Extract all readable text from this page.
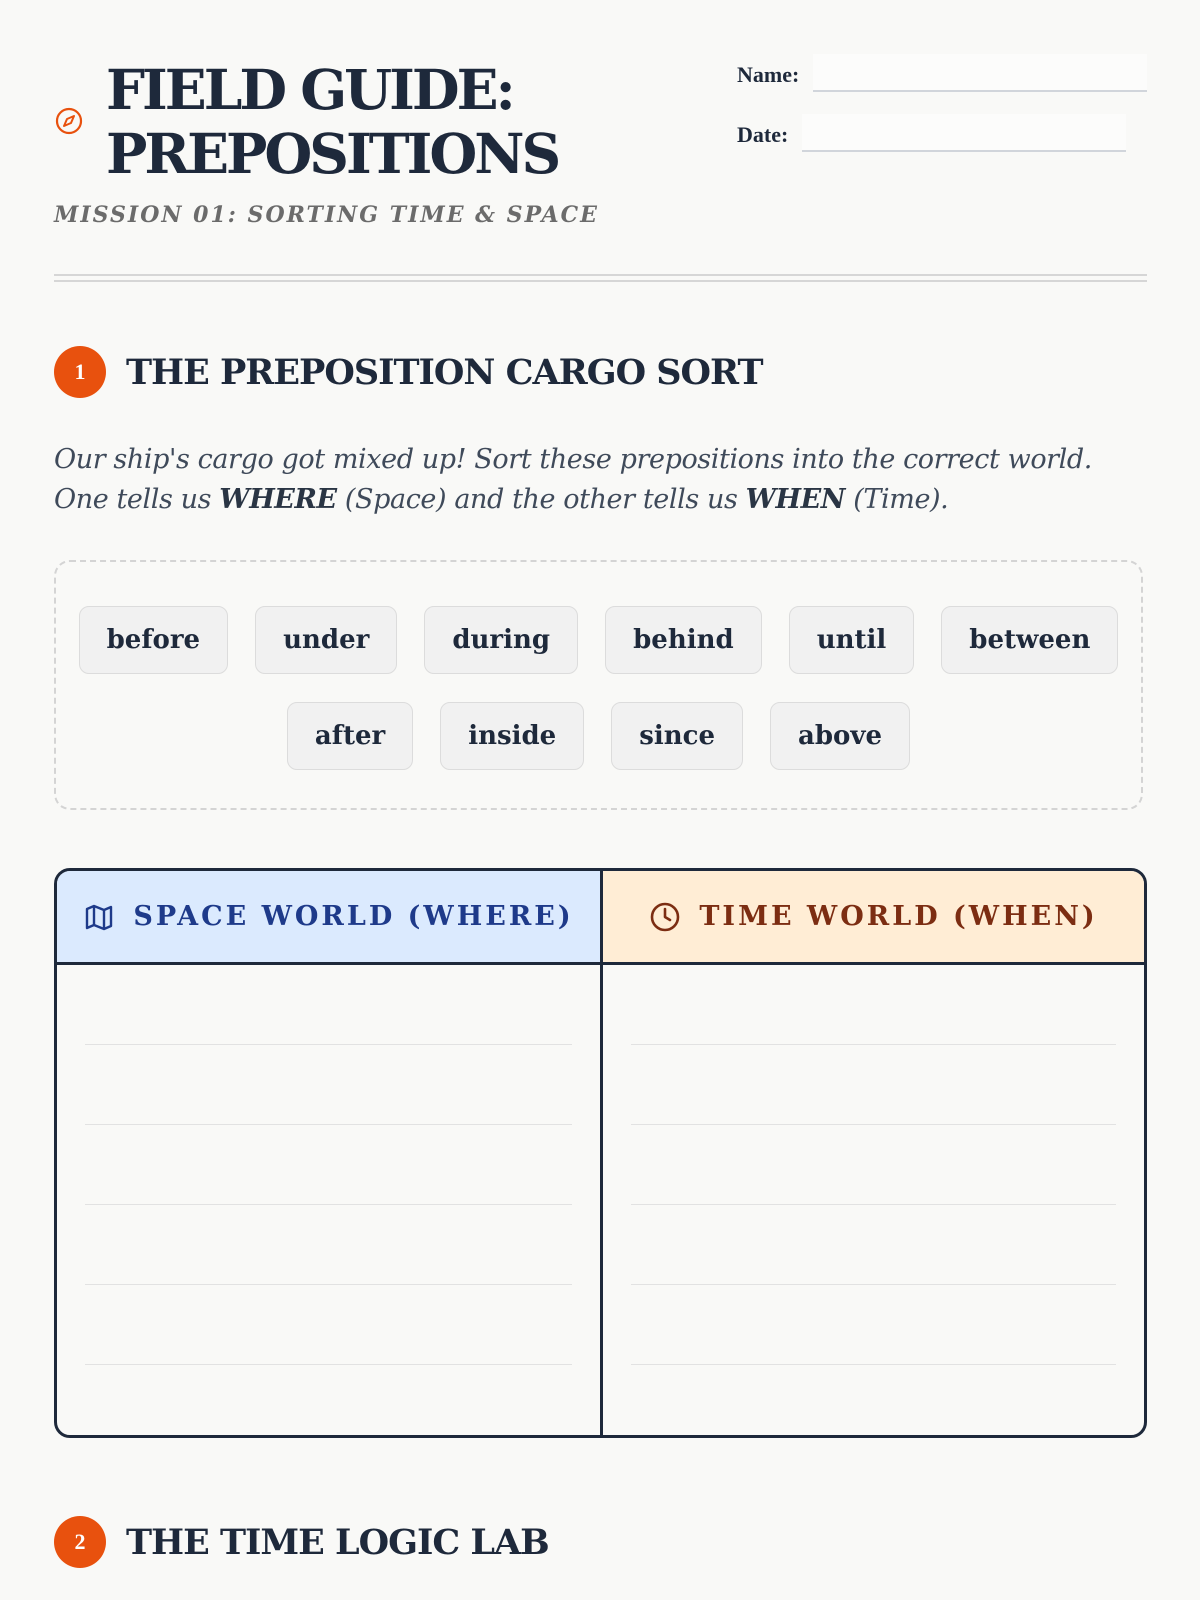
FIELD GUIDE:
PREPOSITIONS

MISSION 01: SORTING TIME & SPACE

Name:
Date:
1	THE PREPOSITION CARGO SORT

Our ship's cargo got mixed up! Sort these prepositions into the correct world. One tells us WHERE (Space) and the other tells us WHEN (Time).

before	under	during	behind	until	between
after	inside	since	above
SPACE WORLD (WHERE)	TIME WORLD (WHEN)
2	THE TIME LOGIC LAB
